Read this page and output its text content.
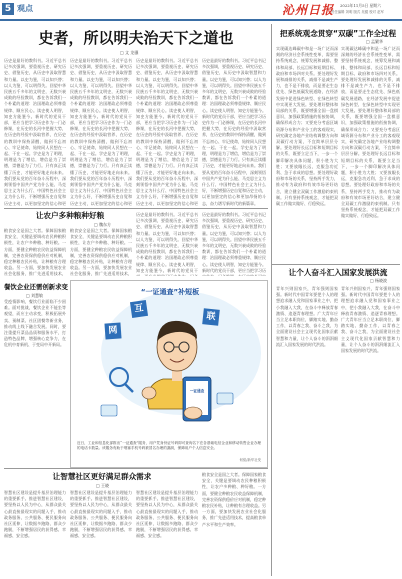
5 观点	沁州日报 2022年11月5日 星期六
责任编辑 刘明 版式 吴健 校对 赵军
史者，所以明夫治天下之道也
□ 文 龙骧
历史是最好的教科书。习近平总书记多次强调，要重视历史、研究历史、借鉴历史，从历史中汲取智慧和力量。以史为鉴，可以知兴替；以人为鉴，可以明得失。回望中华民族五千多年的文明史，无数兴衰成败的经验教训，都在告诉我们一个朴素的道理：治国理政必须尊重规律、顺应民心。读史使人明智，知史方能鉴今。新时代的党员干部，更应当把学习历史作为一门必修课，在历史的长河中把握大势，在历史的经验中汲取营养，在历史的教训中保持清醒，做到不忘初心、牢记使命，始终同人民想在一起、干在一起。学史是为了明理，明理是为了增信，增信是为了崇德，崇德是为了力行。只有真正读懂了历史，才能更好地走向未来。我们要从党的百年奋斗历程中，深刻领悟中国共产党为什么能、马克思主义为什么行、中国特色社会主义为什么好，不断增强历史自觉和历史主动，以更加坚定的信心和更
历史是最好的教科书。习近平总书记多次强调，要重视历史、研究历史、借鉴历史，从历史中汲取智慧和力量。以史为鉴，可以知兴替；以人为鉴，可以明得失。回望中华民族五千多年的文明史，无数兴衰成败的经验教训，都在告诉我们一个朴素的道理：治国理政必须尊重规律、顺应民心。读史使人明智，知史方能鉴今。新时代的党员干部，更应当把学习历史作为一门必修课，在历史的长河中把握大势，在历史的经验中汲取营养，在历史的教训中保持清醒，做到不忘初心、牢记使命，始终同人民想在一起、干在一起。学史是为了明理，明理是为了增信，增信是为了崇德，崇德是为了力行。只有真正读懂了历史，才能更好地走向未来。我们要从党的百年奋斗历程中，深刻领悟中国共产党为什么能、马克思主义为什么行、中国特色社会主义为什么好，不断增强历史自觉和历史主动，以更加坚定的信心和更
历史是最好的教科书。习近平总书记多次强调，要重视历史、研究历史、借鉴历史，从历史中汲取智慧和力量。以史为鉴，可以知兴替；以人为鉴，可以明得失。回望中华民族五千多年的文明史，无数兴衰成败的经验教训，都在告诉我们一个朴素的道理：治国理政必须尊重规律、顺应民心。读史使人明智，知史方能鉴今。新时代的党员干部，更应当把学习历史作为一门必修课，在历史的长河中把握大势，在历史的经验中汲取营养，在历史的教训中保持清醒，做到不忘初心、牢记使命，始终同人民想在一起、干在一起。学史是为了明理，明理是为了增信，增信是为了崇德，崇德是为了力行。只有真正读懂了历史，才能更好地走向未来。我们要从党的百年奋斗历程中，深刻领悟中国共产党为什么能、马克思主义为什么行、中国特色社会主义为什么好，不断增强历史自觉和历史主动，以更加坚定的信心和更
历史是最好的教科书。习近平总书记多次强调，要重视历史、研究历史、借鉴历史，从历史中汲取智慧和力量。以史为鉴，可以知兴替；以人为鉴，可以明得失。回望中华民族五千多年的文明史，无数兴衰成败的经验教训，都在告诉我们一个朴素的道理：治国理政必须尊重规律、顺应民心。读史使人明智，知史方能鉴今。新时代的党员干部，更应当把学习历史作为一门必修课，在历史的长河中把握大势，在历史的经验中汲取营养，在历史的教训中保持清醒，做到不忘初心、牢记使命，始终同人民想在一起、干在一起。学史是为了明理，明理是为了增信，增信是为了崇德，崇德是为了力行。只有真正读懂了历史，才能更好地走向未来。我们要从党的百年奋斗历程中，深刻领悟中国共产党为什么能、马克思主义为什么行、中国特色社会主义为什么好，不断增强历史自觉和历史主动，以更加坚定的信心和更加昂扬的斗志，奋力谱写新时代的新篇章。
把系统观念贯穿“双碳”工作全过程
□ 孟繁华
实现碳达峰碳中和是一场广泛而深刻的经济社会系统性变革，需要坚持系统观念，统筹发展和减排、整体和局部、长远目标和短期目标、政府和市场四对关系。要处理好发展和减排的关系，减排不是减生产力，也不是不排放，而是要走生态优先、绿色低碳发展道路，在经济发展中促进绿色转型、在绿色转型中实现更大发展。要处理好整体和局部的关系，既要增强全国一盘棋意识，加强政策措施的衔接协调，确保形成合力；又要充分考虑区域资源分布和产业分工的客观现实，研究确定各地产业结构调整方向和双碳行动方案，不宜简单层层分解。要处理好长远目标和短期目标的关系，既要立足当下，一步一个脚印解决具体问题，积小胜为大胜；又要放眼长远，克服急功近利、急于求成的思想。要处理好政府和市场的关系，坚持两手发力，推动有为政府和有效市场更好结合，建立健全双碳工作激励约束机制。只有坚持系统观念，才能把双碳工作做实做好、行稳致远。
实现碳达峰碳中和是一场广泛而深刻的经济社会系统性变革，需要坚持系统观念，统筹发展和减排、整体和局部、长远目标和短期目标、政府和市场四对关系。要处理好发展和减排的关系，减排不是减生产力，也不是不排放，而是要走生态优先、绿色低碳发展道路，在经济发展中促进绿色转型、在绿色转型中实现更大发展。要处理好整体和局部的关系，既要增强全国一盘棋意识，加强政策措施的衔接协调，确保形成合力；又要充分考虑区域资源分布和产业分工的客观现实，研究确定各地产业结构调整方向和双碳行动方案，不宜简单层层分解。要处理好长远目标和短期目标的关系，既要立足当下，一步一个脚印解决具体问题，积小胜为大胜；又要放眼长远，克服急功近利、急于求成的思想。要处理好政府和市场的关系，坚持两手发力，推动有为政府和有效市场更好结合，建立健全双碳工作激励约束机制。只有坚持系统观念，才能把双碳工作做实做好、行稳致远。
让农户多种粮种好粮
□ 魏东方
粮食安全是国之大者。保障国家粮食安全，关键是要调动农民种粮积极性，让农户多种粮、种好粮。一方面，要健全种粮农民收益保障机制，完善农资保供稳价应对机制，稳定种粮农民补贴，让种粮有合理收益。另一方面，要加快发展农业社会化服务，推广先进适用技术，
粮食安全是国之大者。保障国家粮食安全，关键是要调动农民种粮积极性，让农户多种粮、种好粮。一方面，要健全种粮农民收益保障机制，完善农资保供稳价应对机制，稳定种粮农民补贴，让种粮有合理收益。另一方面，要加快发展农业社会化服务，推广先进适用技术，
历史是最好的教科书。习近平总书记多次强调，要重视历史、研究历史、借鉴历史，从历史中汲取智慧和力量。以史为鉴，可以知兴替；以人为鉴，可以明得失。回望中华民族五千多年的文明史，无数兴衰成败的经验教训，都在告诉我们一个朴素的道理：治国理政必须尊重规律、顺应民心。读史使人明智，知史方能鉴今。新时代的党员干
历史是最好的教科书。习近平总书记多次强调，要重视历史、研究历史、借鉴历史，从历史中汲取智慧和力量。以史为鉴，可以知兴替；以人为鉴，可以明得失。回望中华民族五千多年的文明史，无数兴衰成败的经验教训，都在告诉我们一个朴素的道理：治国理政必须尊重规律、顺应民心。读史使人明智，知史方能鉴今。新时代的党员干部，更应当把学习历
餐饮企业还需创新求变
□ 刘慧敏
受疫情影响，餐饮行业面临不少困难。面对挑战，餐饮企业不能坐等观望，而应主动求变，积极拓展外卖、预制菜、社区团餐等新业务，推动线上线下融合发展。同时，要注重提升菜品品质和服务水平，打造特色品牌，增强核心竞争力，在危机中育新机、于变局中开新局。
“一证通查”补短板
互
联
网
一证通查
近日，工业和信息化部推出“一证通查”服务，用户凭身份证号码即可查询名下在各基础电信企业和移动转售企业办理的电话卡数量。该服务有助于堵塞手机号码被冒名办理的漏洞，保障用户个人信息安全。
何侃/新华社发
让智慧社区更好满足群众需求
□ 王晓
智慧社区建设是提升基层治理能力的重要抓手。推进智慧社区建设，要坚持以人民为中心，从群众最关心最直接最现实的问题入手，推动政务服务、公共服务、便民服务向社区延伸，让数据多跑路、群众少跑腿，不断增强居民的获得感、幸福感、安全感。
智慧社区建设是提升基层治理能力的重要抓手。推进智慧社区建设，要坚持以人民为中心，从群众最关心最直接最现实的问题入手，推动政务服务、公共服务、便民服务向社区延伸，让数据多跑路、群众少跑腿，不断增强居民的获得感、幸福感、安全感。
智慧社区建设是提升基层治理能力的重要抓手。推进智慧社区建设，要坚持以人民为中心，从群众最关心最直接最现实的问题入手，推动政务服务、公共服务、便民服务向社区延伸，让数据多跑路、群众少跑腿，不断增强居民的获得感、幸福感、安全感。
粮食安全是国之大者。保障国家粮食安全，关键是要调动农民种粮积极性，让农户多种粮、种好粮。一方面，要健全种粮农民收益保障机制，完善农资保供稳价应对机制，稳定种粮农民补贴，让种粮有合理收益。另一方面，要加快发展农业社会化服务，推广先进适用技术，提高粮食单产水平和生产效率。
让个人奋斗汇入国家发展洪流
□ 杨晓波
青年兴则国家兴，青年强则国家强。新时代中国青年要把个人的理想追求融入党和国家事业之中，把小我融入大我，在奋斗中释放青春激情、追逐青春理想。广大青年应当立足本职岗位，脚踏实地、勤奋工作，以青春之我、奋斗之我，为全面建设社会主义现代化国家贡献智慧和力量，让个人奋斗的涓涓细流汇入国家发展的时代洪流。
青年兴则国家兴，青年强则国家强。新时代中国青年要把个人的理想追求融入党和国家事业之中，把小我融入大我，在奋斗中释放青春激情、追逐青春理想。广大青年应当立足本职岗位，脚踏实地、勤奋工作，以青春之我、奋斗之我，为全面建设社会主义现代化国家贡献智慧和力量，让个人奋斗的涓涓细流汇入国家发展的时代洪流。
